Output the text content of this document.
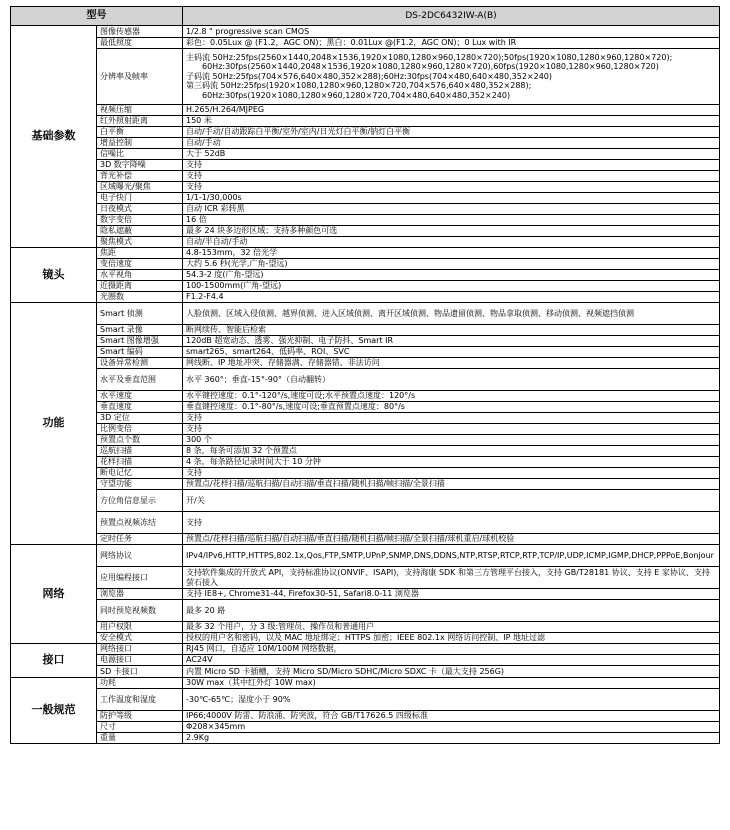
型号		DS-2DC6432IW-A(B)
基础参数	图像传感器	1/2.8 " progressive scan CMOS

	最低照度	彩色：0.05Lux @ (F1.2，AGC ON)；黑白：0.01Lux @(F1.2，AGC ON)；0 Lux with IR

	分辨率及帧率	主码流 50Hz:25fps(2560×1440,2048×1536,1920×1080,1280×960,1280×720);50fps(1920×1080,1280×960,1280×720);
　　60Hz:30fps(2560×1440,2048×1536,1920×1080,1280×960,1280×720),60fps(1920×1080,1280×960,1280×720)
子码流 50Hz:25fps(704×576,640×480,352×288);60Hz:30fps(704×480,640×480,352×240)
第三码流 50Hz:25fps(1920×1080,1280×960,1280×720,704×576,640×480,352×288);
　　60Hz:30fps(1920×1080,1280×960,1280×720,704×480,640×480,352×240)

	视频压缩	H.265/H.264/MJPEG

	红外照射距离	150 米

	白平衡	自动/手动/自动跟踪白平衡/室外/室内/日光灯白平衡/钠灯白平衡

	增益控制	自动/手动

	信噪比	大于 52dB

	3D 数字降噪	支持

	背光补偿	支持

	区域曝光/聚焦	支持

	电子快门	1/1-1/30,000s

	日夜模式	自动 ICR 彩转黑

	数字变倍	16 倍

	隐私遮蔽	最多 24 块多边形区域；支持多种颜色可选

	聚焦模式	自动/半自动/手动

镜头	焦距	4.8-153mm，32 倍光学

	变倍速度	大约 5.6 秒(光学,广角-望远)

	水平视角	54.3-2 度(广角-望远)

	近摄距离	100-1500mm(广角-望远)

	光圈数	F1.2-F4.4

功能	Smart 侦测	人脸侦测、区域入侵侦测、越界侦测、进入区域侦测、离开区域侦测、物品遗留侦测、物品拿取侦测、移动侦测、视频遮挡侦测

	Smart 录像	断网续传、智能后检索

	Smart 图像增强	120dB 超宽动态、透雾、强光抑制、电子防抖、Smart IR

	Smart 编码	smart265、smart264、低码率、ROI、SVC

	设备异常检测	网线断、IP 地址冲突、存储器满、存储器错、非法访问

	水平及垂直范围	水平 360°；垂直-15°-90°（自动翻转）

	水平速度	水平键控速度：0.1°-120°/s,速度可设;水平预置点速度：120°/s

	垂直速度	垂直键控速度：0.1°-80°/s,速度可设;垂直预置点速度：80°/s

	3D 定位	支持

	比例变倍	支持

	预置点个数	300 个

	巡航扫描	8 条，每条可添加 32 个预置点

	花样扫描	4 条，每条路径记录时间大于 10 分钟

	断电记忆	支持

	守望功能	预置点/花样扫描/巡航扫描/自动扫描/垂直扫描/随机扫描/帧扫描/全景扫描

	方位角信息显示	开/关

	预置点视频冻结	支持

	定时任务	预置点/花样扫描/巡航扫描/自动扫描/垂直扫描/随机扫描/帧扫描/全景扫描/球机重启/球机校验

网络	网络协议	IPv4/IPv6,HTTP,HTTPS,802.1x,Qos,FTP,SMTP,UPnP,SNMP,DNS,DDNS,NTP,RTSP,RTCP,RTP,TCP/IP,UDP,ICMP,IGMP,DHCP,PPPoE,Bonjour

	应用编程接口	支持软件集成的开放式 API，支持标准协议(ONVIF、ISAPI)，支持海康 SDK 和第三方管理平台接入，支持 GB/T28181 协议、支持 E 家协议、支持萤石接入

	浏览器	支持 IE8+, Chrome31-44, Firefox30-51, Safari8.0-11 浏览器

	同时预览视频数	最多 20 路

	用户权限	最多 32 个用户，分 3 级:管理员、操作员和普通用户

	安全模式	授权的用户名和密码，以及 MAC 地址绑定；HTTPS 加密；IEEE 802.1x 网络访问控制、IP 地址过滤

接口	网络接口	RJ45 网口，自适应 10M/100M 网络数据，

	电源接口	AC24V

	SD 卡接口	内置 Micro SD 卡插槽，支持 Micro SD/Micro SDHC/Micro SDXC 卡（最大支持 256G)

一般规范	功耗	30W max（其中红外灯 10W max)

	工作温度和湿度	-30℃-65℃；湿度小于 90%

	防护等级	IP66;4000V 防雷、防浪涌、防突波，符合 GB/T17626.5 四级标准

	尺寸	Φ208×345mm

	重量	2.9Kg
